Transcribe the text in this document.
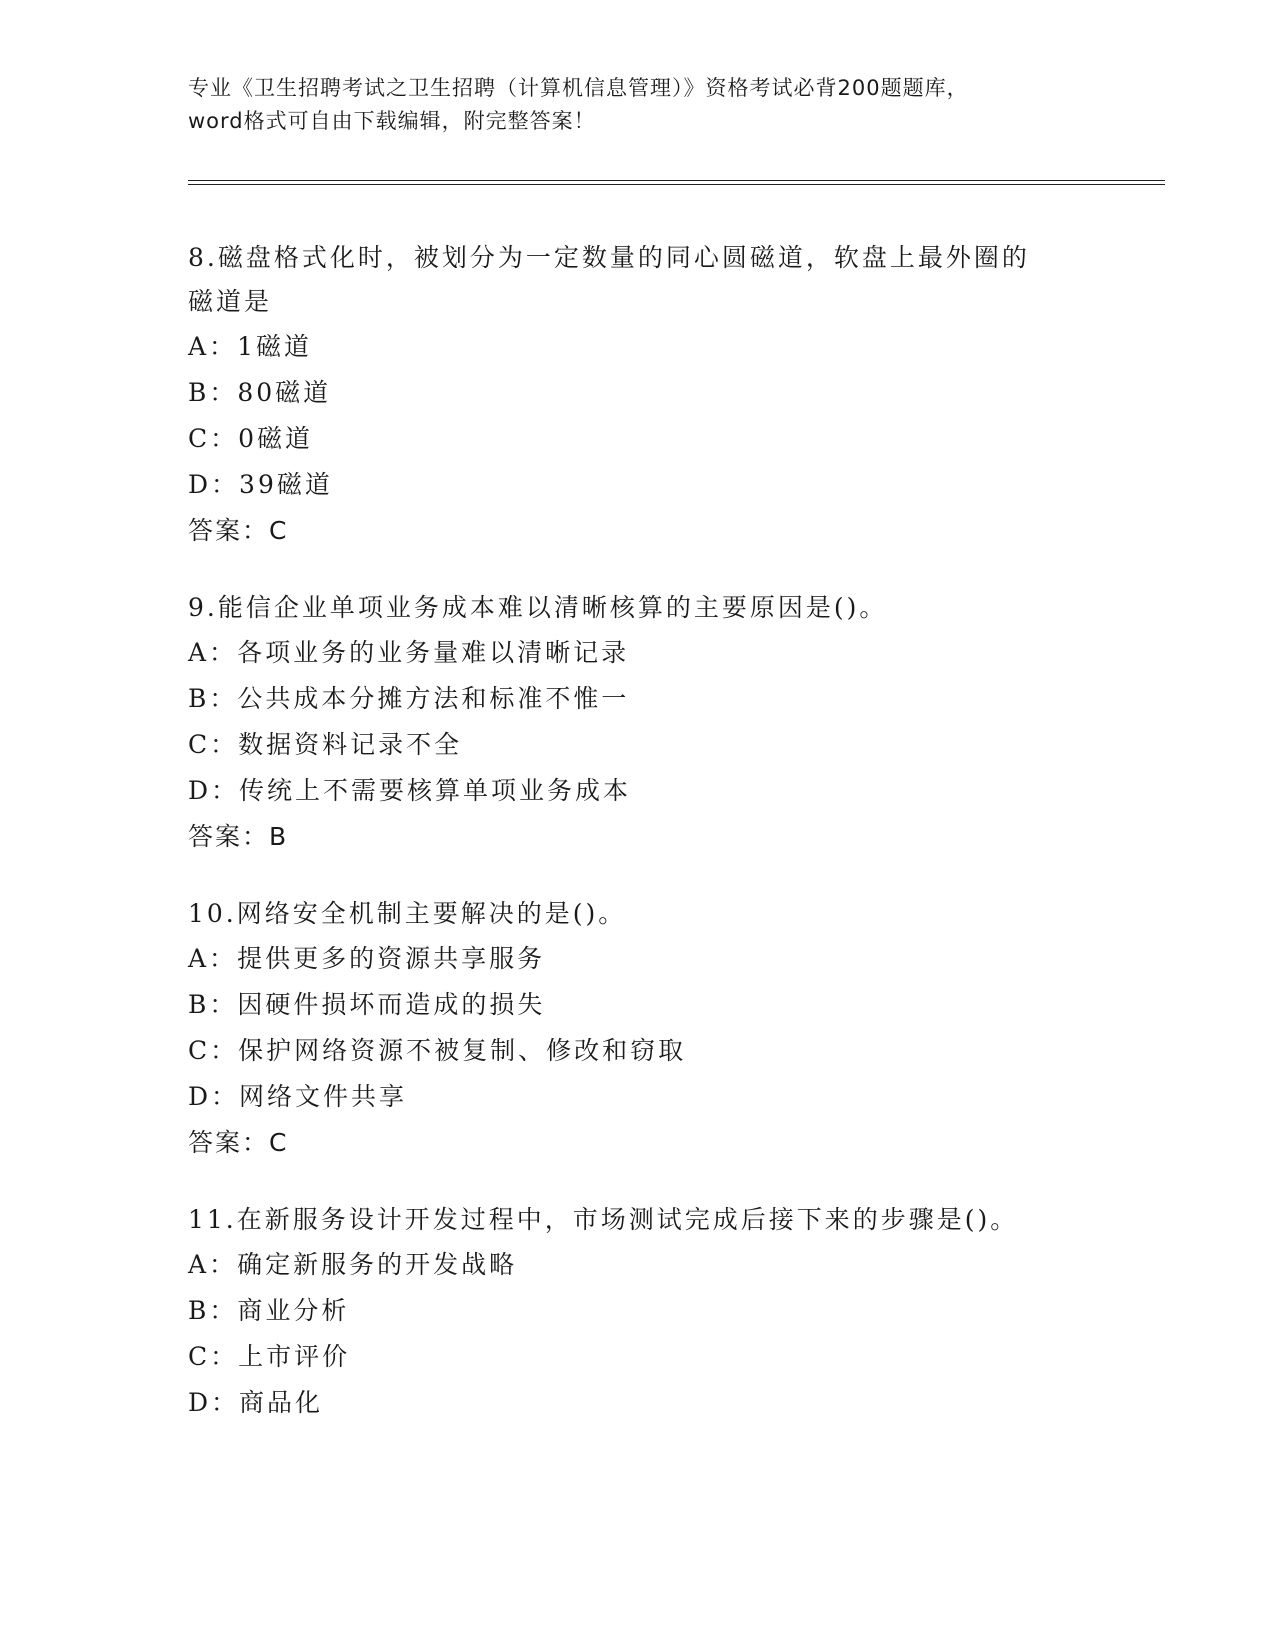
专业《卫生招聘考试之卫生招聘（计算机信息管理）》资格考试必背200题题库，
word格式可自由下载编辑，附完整答案！

8.磁盘格式化时，被划分为一定数量的同心圆磁道，软盘上最外圈的

磁道是

A：1磁道

B：80磁道

C：0磁道

D：39磁道

答案：C

9.能信企业单项业务成本难以清晰核算的主要原因是()。

A：各项业务的业务量难以清晰记录

B：公共成本分摊方法和标准不惟一

C：数据资料记录不全

D：传统上不需要核算单项业务成本

答案：B

10.网络安全机制主要解决的是()。

A：提供更多的资源共享服务

B：因硬件损坏而造成的损失

C：保护网络资源不被复制、修改和窃取

D：网络文件共享

答案：C

11.在新服务设计开发过程中，市场测试完成后接下来的步骤是()。

A：确定新服务的开发战略

B：商业分析

C：上市评价

D：商品化
